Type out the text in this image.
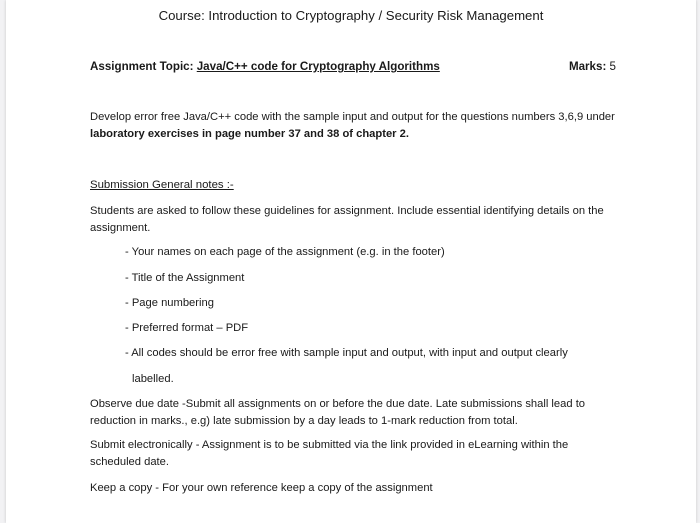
Course: Introduction to Cryptography / Security Risk Management
Assignment Topic: Java/C++ code for Cryptography Algorithms	Marks: 5
Develop error free Java/C++ code with the sample input and output for the questions numbers 3,6,9 under laboratory exercises in page number 37 and 38 of chapter 2.
Submission General notes :-
Students are asked to follow these guidelines for assignment. Include essential identifying details on the assignment.
- Your names on each page of the assignment (e.g. in the footer)
- Title of the Assignment
- Page numbering
- Preferred format – PDF
- All codes should be error free with sample input and output, with input and output clearly
labelled.
Observe due date -Submit all assignments on or before the due date. Late submissions shall lead to reduction in marks., e.g) late submission by a day leads to 1-mark reduction from total.
Submit electronically - Assignment is to be submitted via the link provided in eLearning within the scheduled date.
Keep a copy - For your own reference keep a copy of the assignment
